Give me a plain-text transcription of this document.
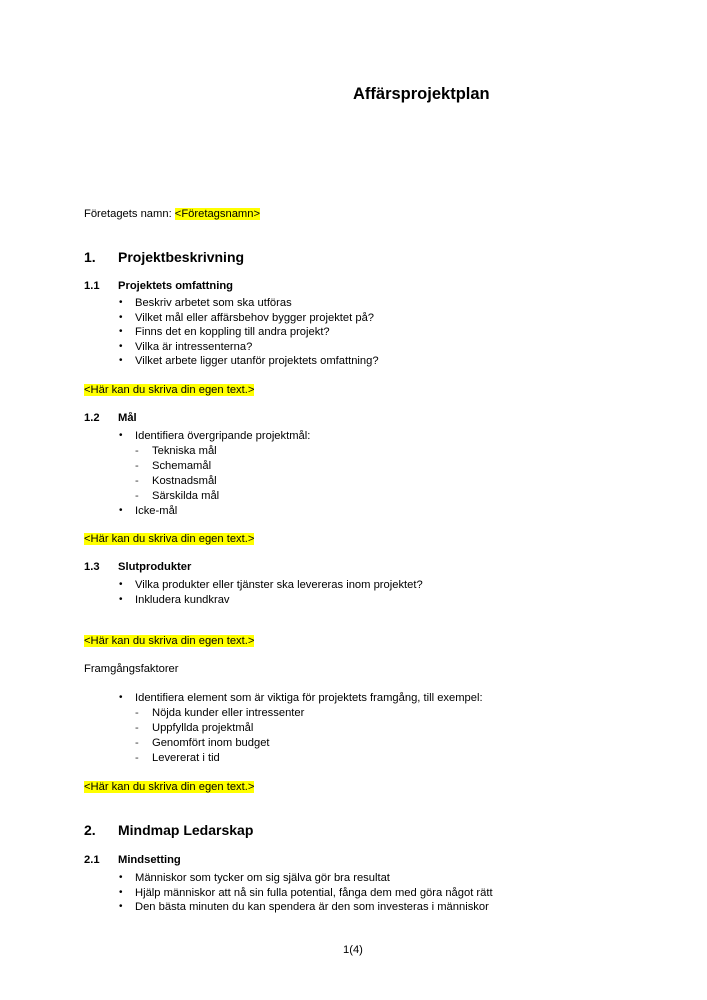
Affärsprojektplan
Företagets namn: <Företagsnamn>
1. Projektbeskrivning
1.1 Projektets omfattning
• Beskriv arbetet som ska utföras
• Vilket mål eller affärsbehov bygger projektet på?
• Finns det en koppling till andra projekt?
• Vilka är intressenterna?
• Vilket arbete ligger utanför projektets omfattning?
<Här kan du skriva din egen text.>
1.2 Mål
• Identifiera övergripande projektmål:
- Tekniska mål
- Schemamål
- Kostnadsmål
- Särskilda mål
• Icke-mål
<Här kan du skriva din egen text.>
1.3 Slutprodukter
• Vilka produkter eller tjänster ska levereras inom projektet?
• Inkludera kundkrav
<Här kan du skriva din egen text.>
Framgångsfaktorer
• Identifiera element som är viktiga för projektets framgång, till exempel:
- Nöjda kunder eller intressenter
- Uppfyllda projektmål
- Genomfört inom budget
- Levererat i tid
<Här kan du skriva din egen text.>
2. Mindmap Ledarskap
2.1 Mindsetting
• Människor som tycker om sig själva gör bra resultat
• Hjälp människor att nå sin fulla potential, fånga dem med göra något rätt
• Den bästa minuten du kan spendera är den som investeras i människor
1(4)
